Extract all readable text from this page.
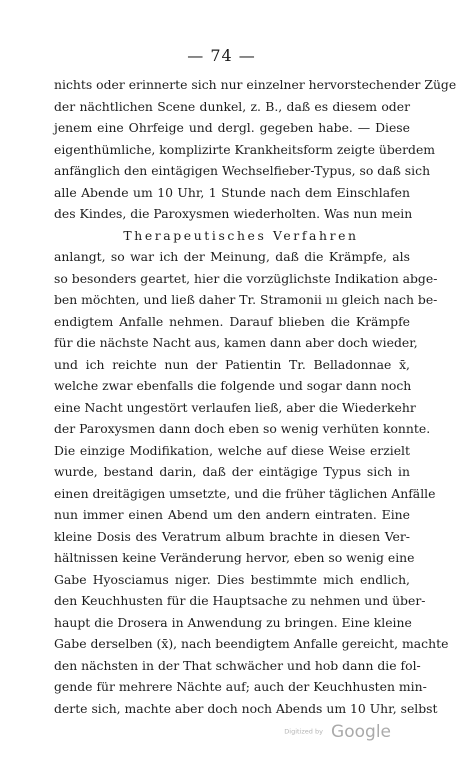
— 74 —
nichts oder erinnerte sich nur einzelner hervorstechender Züge
der nächtlichen Scene dunkel, z. B., daß es diesem oder
jenem eine Ohrfeige und dergl. gegeben habe. — Diese
eigenthümliche, komplizirte Krankheitsform zeigte überdem
anfänglich den eintägigen Wechselfieber-Typus, so daß sich
alle Abende um 10 Uhr, 1 Stunde nach dem Einschlafen
des Kindes, die Paroxysmen wiederholten. Was nun mein
Therapeutisches Verfahren
anlangt, so war ich der Meinung, daß die Krämpfe, als
so besonders geartet, hier die vorzüglichste Indikation abge-
ben möchten, und ließ daher Tr. Stramonii ııı gleich nach be-
endigtem Anfalle nehmen. Darauf blieben die Krämpfe
für die nächste Nacht aus, kamen dann aber doch wieder,
und ich reichte nun der Patientin Tr. Belladonnae x̄,
welche zwar ebenfalls die folgende und sogar dann noch
eine Nacht ungestört verlaufen ließ, aber die Wiederkehr
der Paroxysmen dann doch eben so wenig verhüten konnte.
Die einzige Modifikation, welche auf diese Weise erzielt
wurde, bestand darin, daß der eintägige Typus sich in
einen dreitägigen umsetzte, und die früher täglichen Anfälle
nun immer einen Abend um den andern eintraten. Eine
kleine Dosis des Veratrum album brachte in diesen Ver-
hältnissen keine Veränderung hervor, eben so wenig eine
Gabe Hyosciamus niger. Dies bestimmte mich endlich,
den Keuchhusten für die Hauptsache zu nehmen und über-
haupt die Drosera in Anwendung zu bringen. Eine kleine
Gabe derselben (x̄), nach beendigtem Anfalle gereicht, machte
den nächsten in der That schwächer und hob dann die fol-
gende für mehrere Nächte auf; auch der Keuchhusten min-
derte sich, machte aber doch noch Abends um 10 Uhr, selbst
Digitized by Google
